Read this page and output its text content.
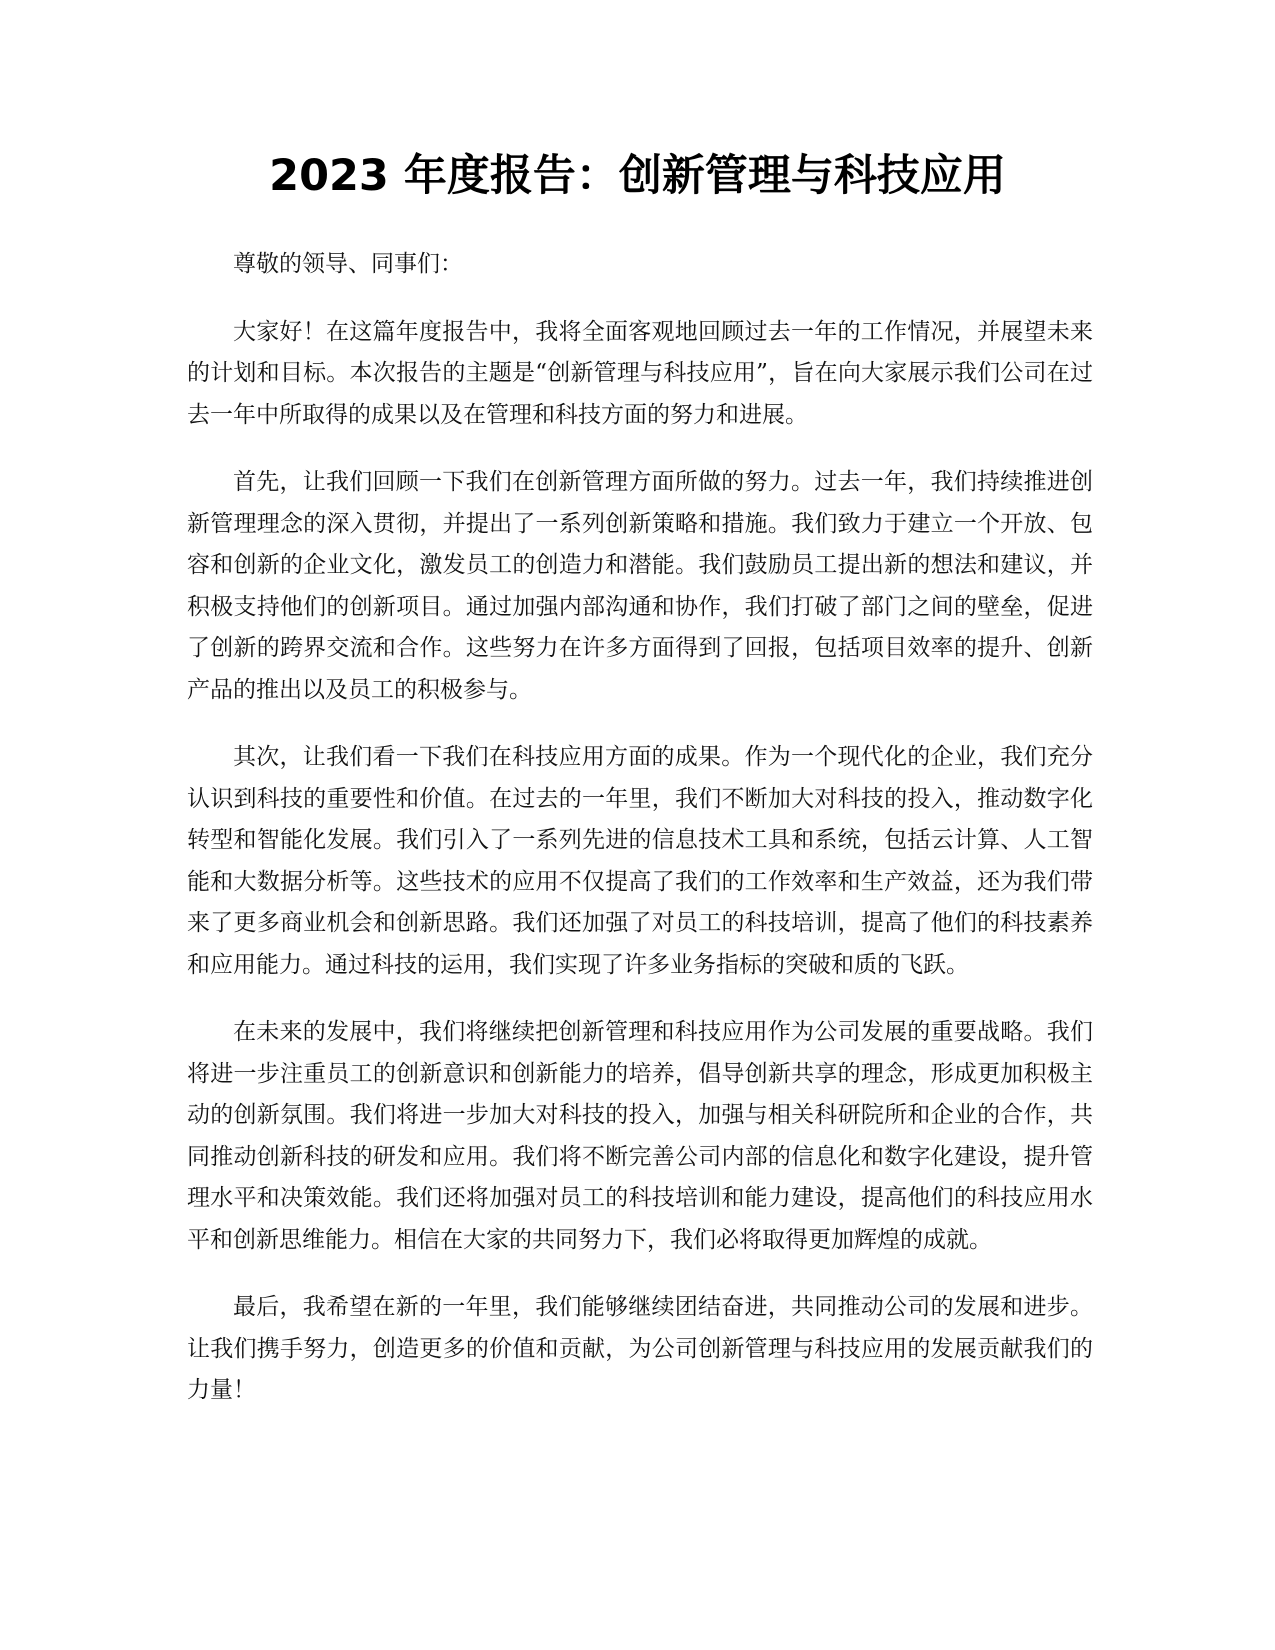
2023 年度报告：创新管理与科技应用

尊敬的领导、同事们：

大家好！在这篇年度报告中，我将全面客观地回顾过去一年的工作情况，并展望未来的计划和目标。本次报告的主题是“创新管理与科技应用”，旨在向大家展示我们公司在过去一年中所取得的成果以及在管理和科技方面的努力和进展。

首先，让我们回顾一下我们在创新管理方面所做的努力。过去一年，我们持续推进创新管理理念的深入贯彻，并提出了一系列创新策略和措施。我们致力于建立一个开放、包容和创新的企业文化，激发员工的创造力和潜能。我们鼓励员工提出新的想法和建议，并积极支持他们的创新项目。通过加强内部沟通和协作，我们打破了部门之间的壁垒，促进了创新的跨界交流和合作。这些努力在许多方面得到了回报，包括项目效率的提升、创新产品的推出以及员工的积极参与。

其次，让我们看一下我们在科技应用方面的成果。作为一个现代化的企业，我们充分认识到科技的重要性和价值。在过去的一年里，我们不断加大对科技的投入，推动数字化转型和智能化发展。我们引入了一系列先进的信息技术工具和系统，包括云计算、人工智能和大数据分析等。这些技术的应用不仅提高了我们的工作效率和生产效益，还为我们带来了更多商业机会和创新思路。我们还加强了对员工的科技培训，提高了他们的科技素养和应用能力。通过科技的运用，我们实现了许多业务指标的突破和质的飞跃。

在未来的发展中，我们将继续把创新管理和科技应用作为公司发展的重要战略。我们将进一步注重员工的创新意识和创新能力的培养，倡导创新共享的理念，形成更加积极主动的创新氛围。我们将进一步加大对科技的投入，加强与相关科研院所和企业的合作，共同推动创新科技的研发和应用。我们将不断完善公司内部的信息化和数字化建设，提升管理水平和决策效能。我们还将加强对员工的科技培训和能力建设，提高他们的科技应用水平和创新思维能力。相信在大家的共同努力下，我们必将取得更加辉煌的成就。

最后，我希望在新的一年里，我们能够继续团结奋进，共同推动公司的发展和进步。让我们携手努力，创造更多的价值和贡献，为公司创新管理与科技应用的发展贡献我们的力量！
